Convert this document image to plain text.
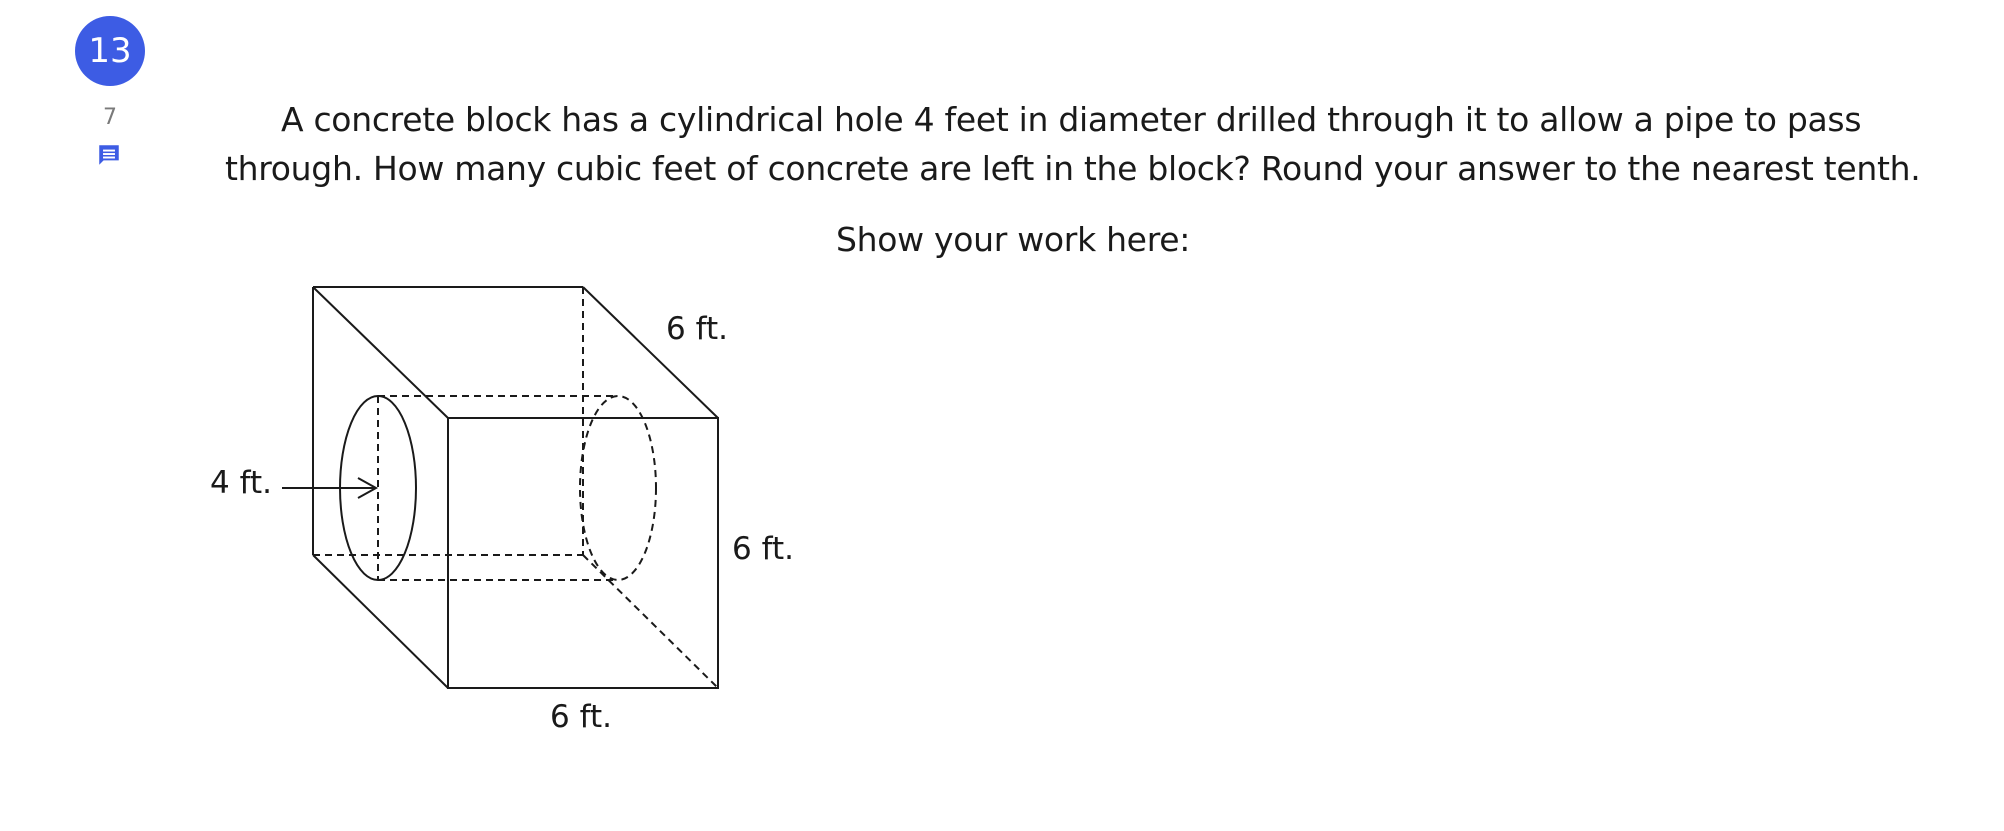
13
7	A concrete block has a cylindrical hole 4 feet in diameter drilled through it to allow a pipe to pass through. How many cubic feet of concrete are left in the block? Round your answer to the nearest tenth.
Show your work here:
6 ft.
6 ft.
6 ft.
4 ft.
